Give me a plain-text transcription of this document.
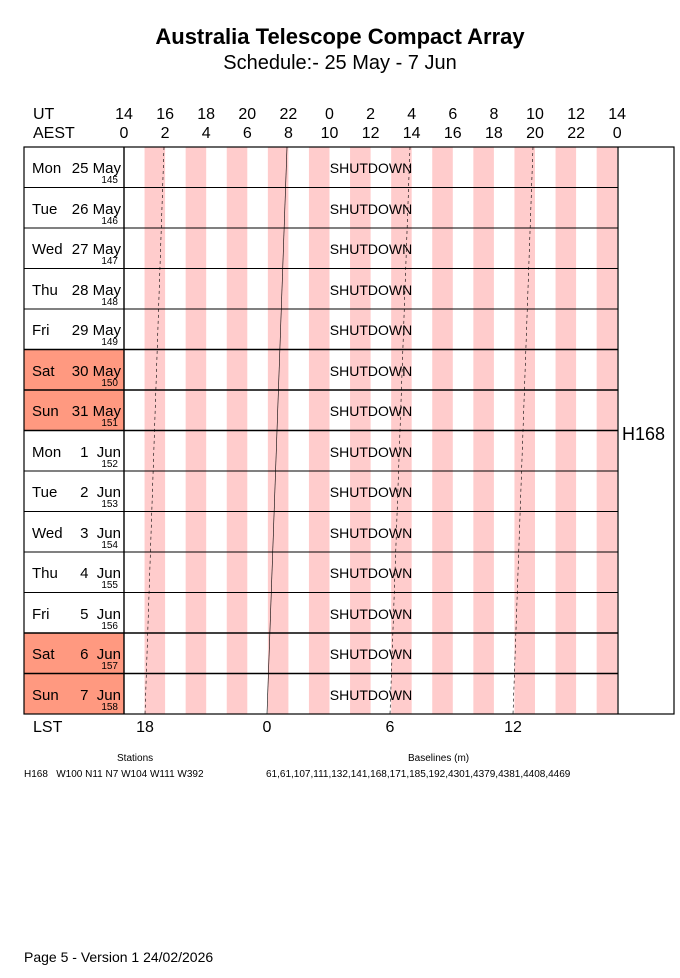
Australia Telescope Compact Array
Schedule:- 25 May - 7 Jun
UT
AEST
14	16	18	20	22	0	2	4	6	8	10	12	14
0	2	4	6	8	10	12	14	16	18	20	22	0
Mon 25 May
145
SHUTDOWN
Tue 26 May
146
SHUTDOWN
Wed 27 May
147
SHUTDOWN
Thu 28 May
148
SHUTDOWN
Fri 29 May
149
SHUTDOWN
Sat 30 May
150
SHUTDOWN
Sun 31 May
151
SHUTDOWN
Mon 1  Jun
152
SHUTDOWN
Tue 2  Jun
153
SHUTDOWN
Wed 3  Jun
154
SHUTDOWN
Thu 4  Jun
155
SHUTDOWN
Fri 5  Jun
156
SHUTDOWN
Sat 6  Jun
157
SHUTDOWN
Sun 7  Jun
158
SHUTDOWN
H168
LST	18	0	6	12
Stations
H168   W100 N11 N7 W104 W111 W392
Baselines (m)
61,61,107,111,132,141,168,171,185,192,4301,4379,4381,4408,4469
Page 5 - Version 1 24/02/2026
